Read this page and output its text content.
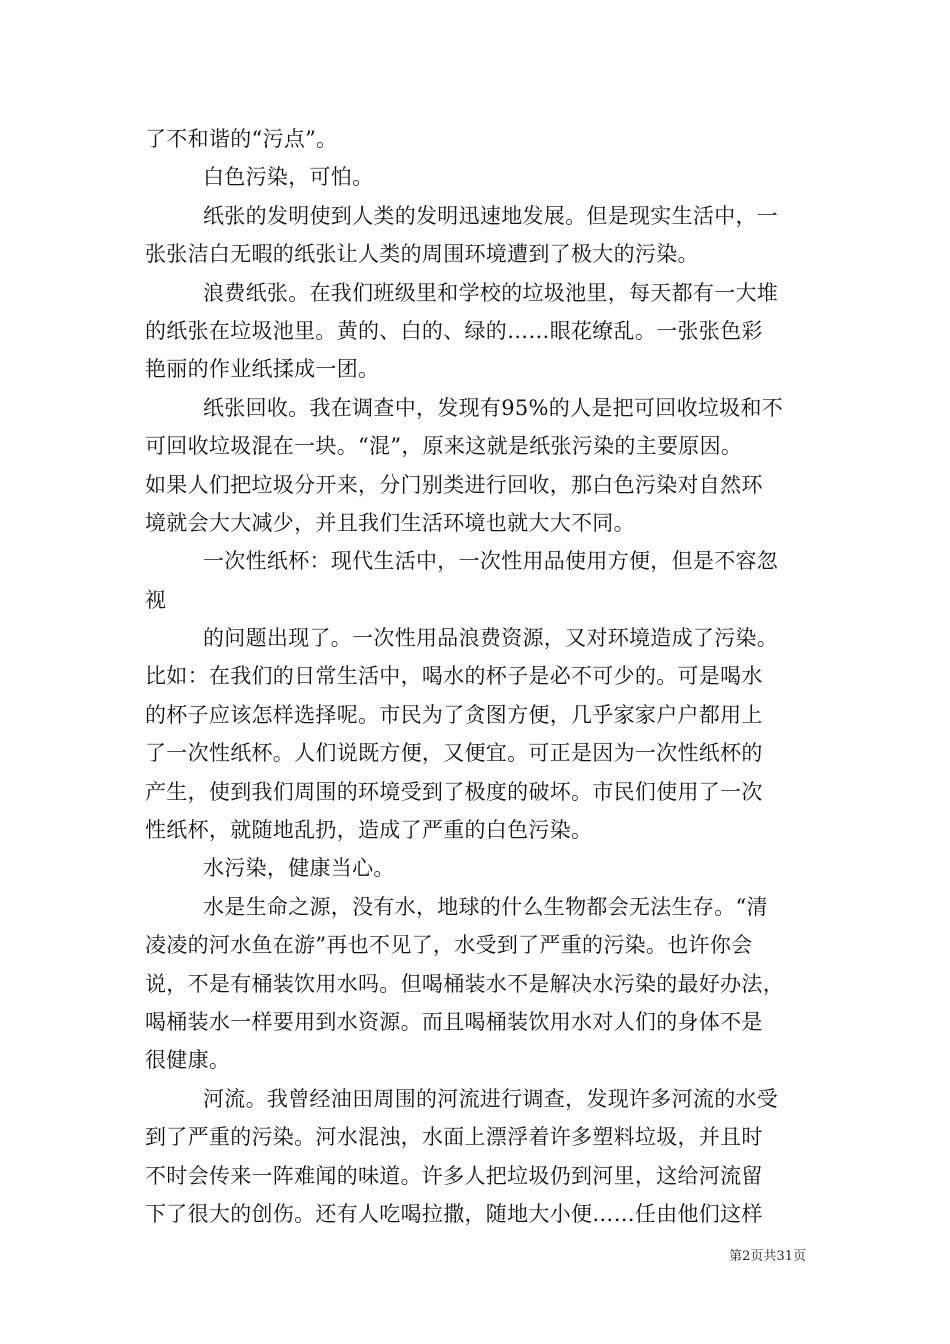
了不和谐的“污点”。
白色污染，可怕。
纸张的发明使到人类的发明迅速地发展。但是现实生活中，一
张张洁白无暇的纸张让人类的周围环境遭到了极大的污染。
浪费纸张。在我们班级里和学校的垃圾池里，每天都有一大堆
的纸张在垃圾池里。黄的、白的、绿的……眼花缭乱。一张张色彩
艳丽的作业纸揉成一团。
纸张回收。我在调查中，发现有95%的人是把可回收垃圾和不
可回收垃圾混在一块。“混”，原来这就是纸张污染的主要原因。
如果人们把垃圾分开来，分门别类进行回收，那白色污染对自然环
境就会大大减少，并且我们生活环境也就大大不同。
一次性纸杯：现代生活中，一次性用品使用方便，但是不容忽
视
的问题出现了。一次性用品浪费资源，又对环境造成了污染。
比如：在我们的日常生活中，喝水的杯子是必不可少的。可是喝水
的杯子应该怎样选择呢。市民为了贪图方便，几乎家家户户都用上
了一次性纸杯。人们说既方便，又便宜。可正是因为一次性纸杯的
产生，使到我们周围的环境受到了极度的破坏。市民们使用了一次
性纸杯，就随地乱扔，造成了严重的白色污染。
水污染，健康当心。
水是生命之源，没有水，地球的什么生物都会无法生存。“清
凌凌的河水鱼在游”再也不见了，水受到了严重的污染。也许你会
说，不是有桶装饮用水吗。但喝桶装水不是解决水污染的最好办法，
喝桶装水一样要用到水资源。而且喝桶装饮用水对人们的身体不是
很健康。
河流。我曾经油田周围的河流进行调查，发现许多河流的水受
到了严重的污染。河水混浊，水面上漂浮着许多塑料垃圾，并且时
不时会传来一阵难闻的味道。许多人把垃圾仍到河里，这给河流留
下了很大的创伤。还有人吃喝拉撒，随地大小便……任由他们这样
第2页共31页
